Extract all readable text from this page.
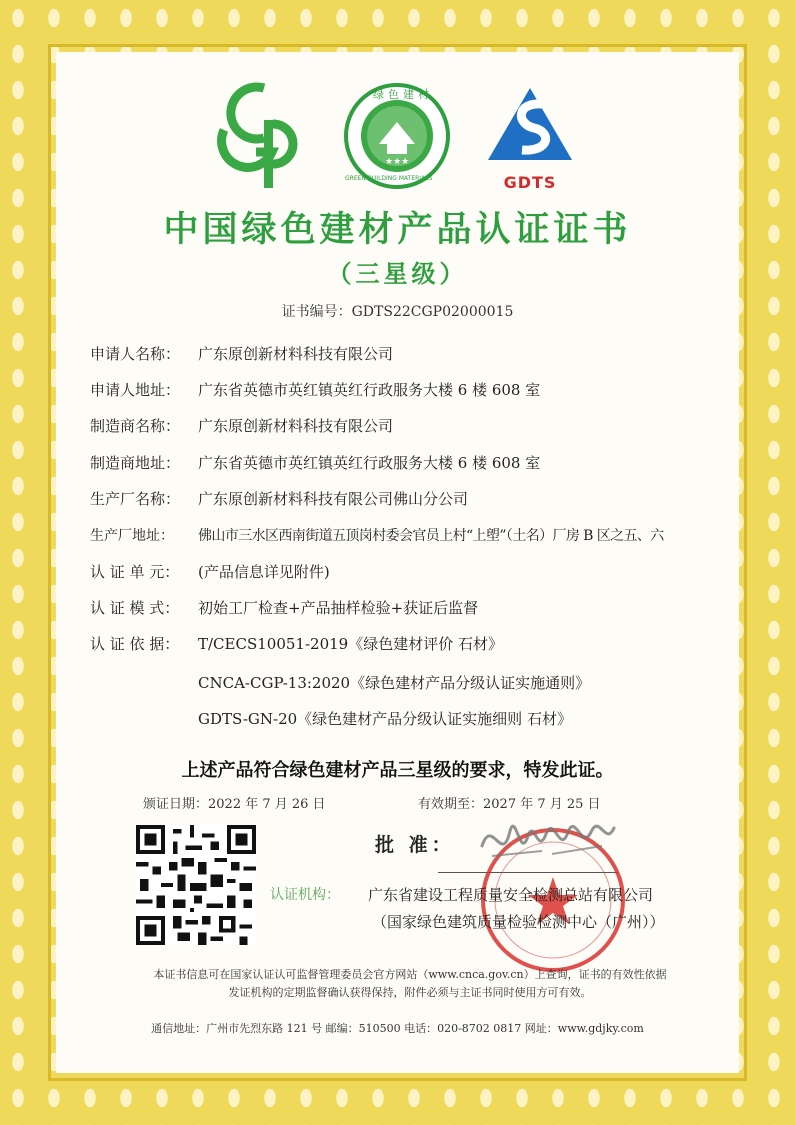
★★★
绿色建材
GREEN BUILDING MATERIALS	GDTS
中国绿色建材产品认证证书
（三星级）
证书编号：GDTS22CGP02000015
申请人名称： 广东原创新材料科技有限公司
申请人地址： 广东省英德市英红镇英红行政服务大楼 6 楼 608 室
制造商名称： 广东原创新材料科技有限公司
制造商地址： 广东省英德市英红镇英红行政服务大楼 6 楼 608 室
生产厂名称： 广东原创新材料科技有限公司佛山分公司
生产厂地址： 佛山市三水区西南街道五顶岗村委会官员上村“上塱”（土名）厂房 B 区之五、六
认 证 单 元： (产品信息详见附件)
认 证 模 式： 初始工厂检查+产品抽样检验+获证后监督
认 证 依 据： T/CECS10051-2019《绿色建材评价 石材》
CNCA-CGP-13:2020《绿色建材产品分级认证实施通则》
GDTS-GN-20《绿色建材产品分级认证实施细则 石材》
上述产品符合绿色建材产品三星级的要求，特发此证。
颁证日期：2022 年 7 月 26 日	有效期至：2027 年 7 月 25 日
批 准：
认证机构： 广东省建设工程质量安全检测总站有限公司
（国家绿色建筑质量检验检测中心（广州））
本证书信息可在国家认证认可监督管理委员会官方网站（www.cnca.gov.cn）上查询，证书的有效性依据发证机构的定期监督确认获得保持，附件必须与主证书同时使用方可有效。
通信地址：广州市先烈东路 121 号 邮编：510500 电话：020-8702 0817 网址：www.gdjky.com
